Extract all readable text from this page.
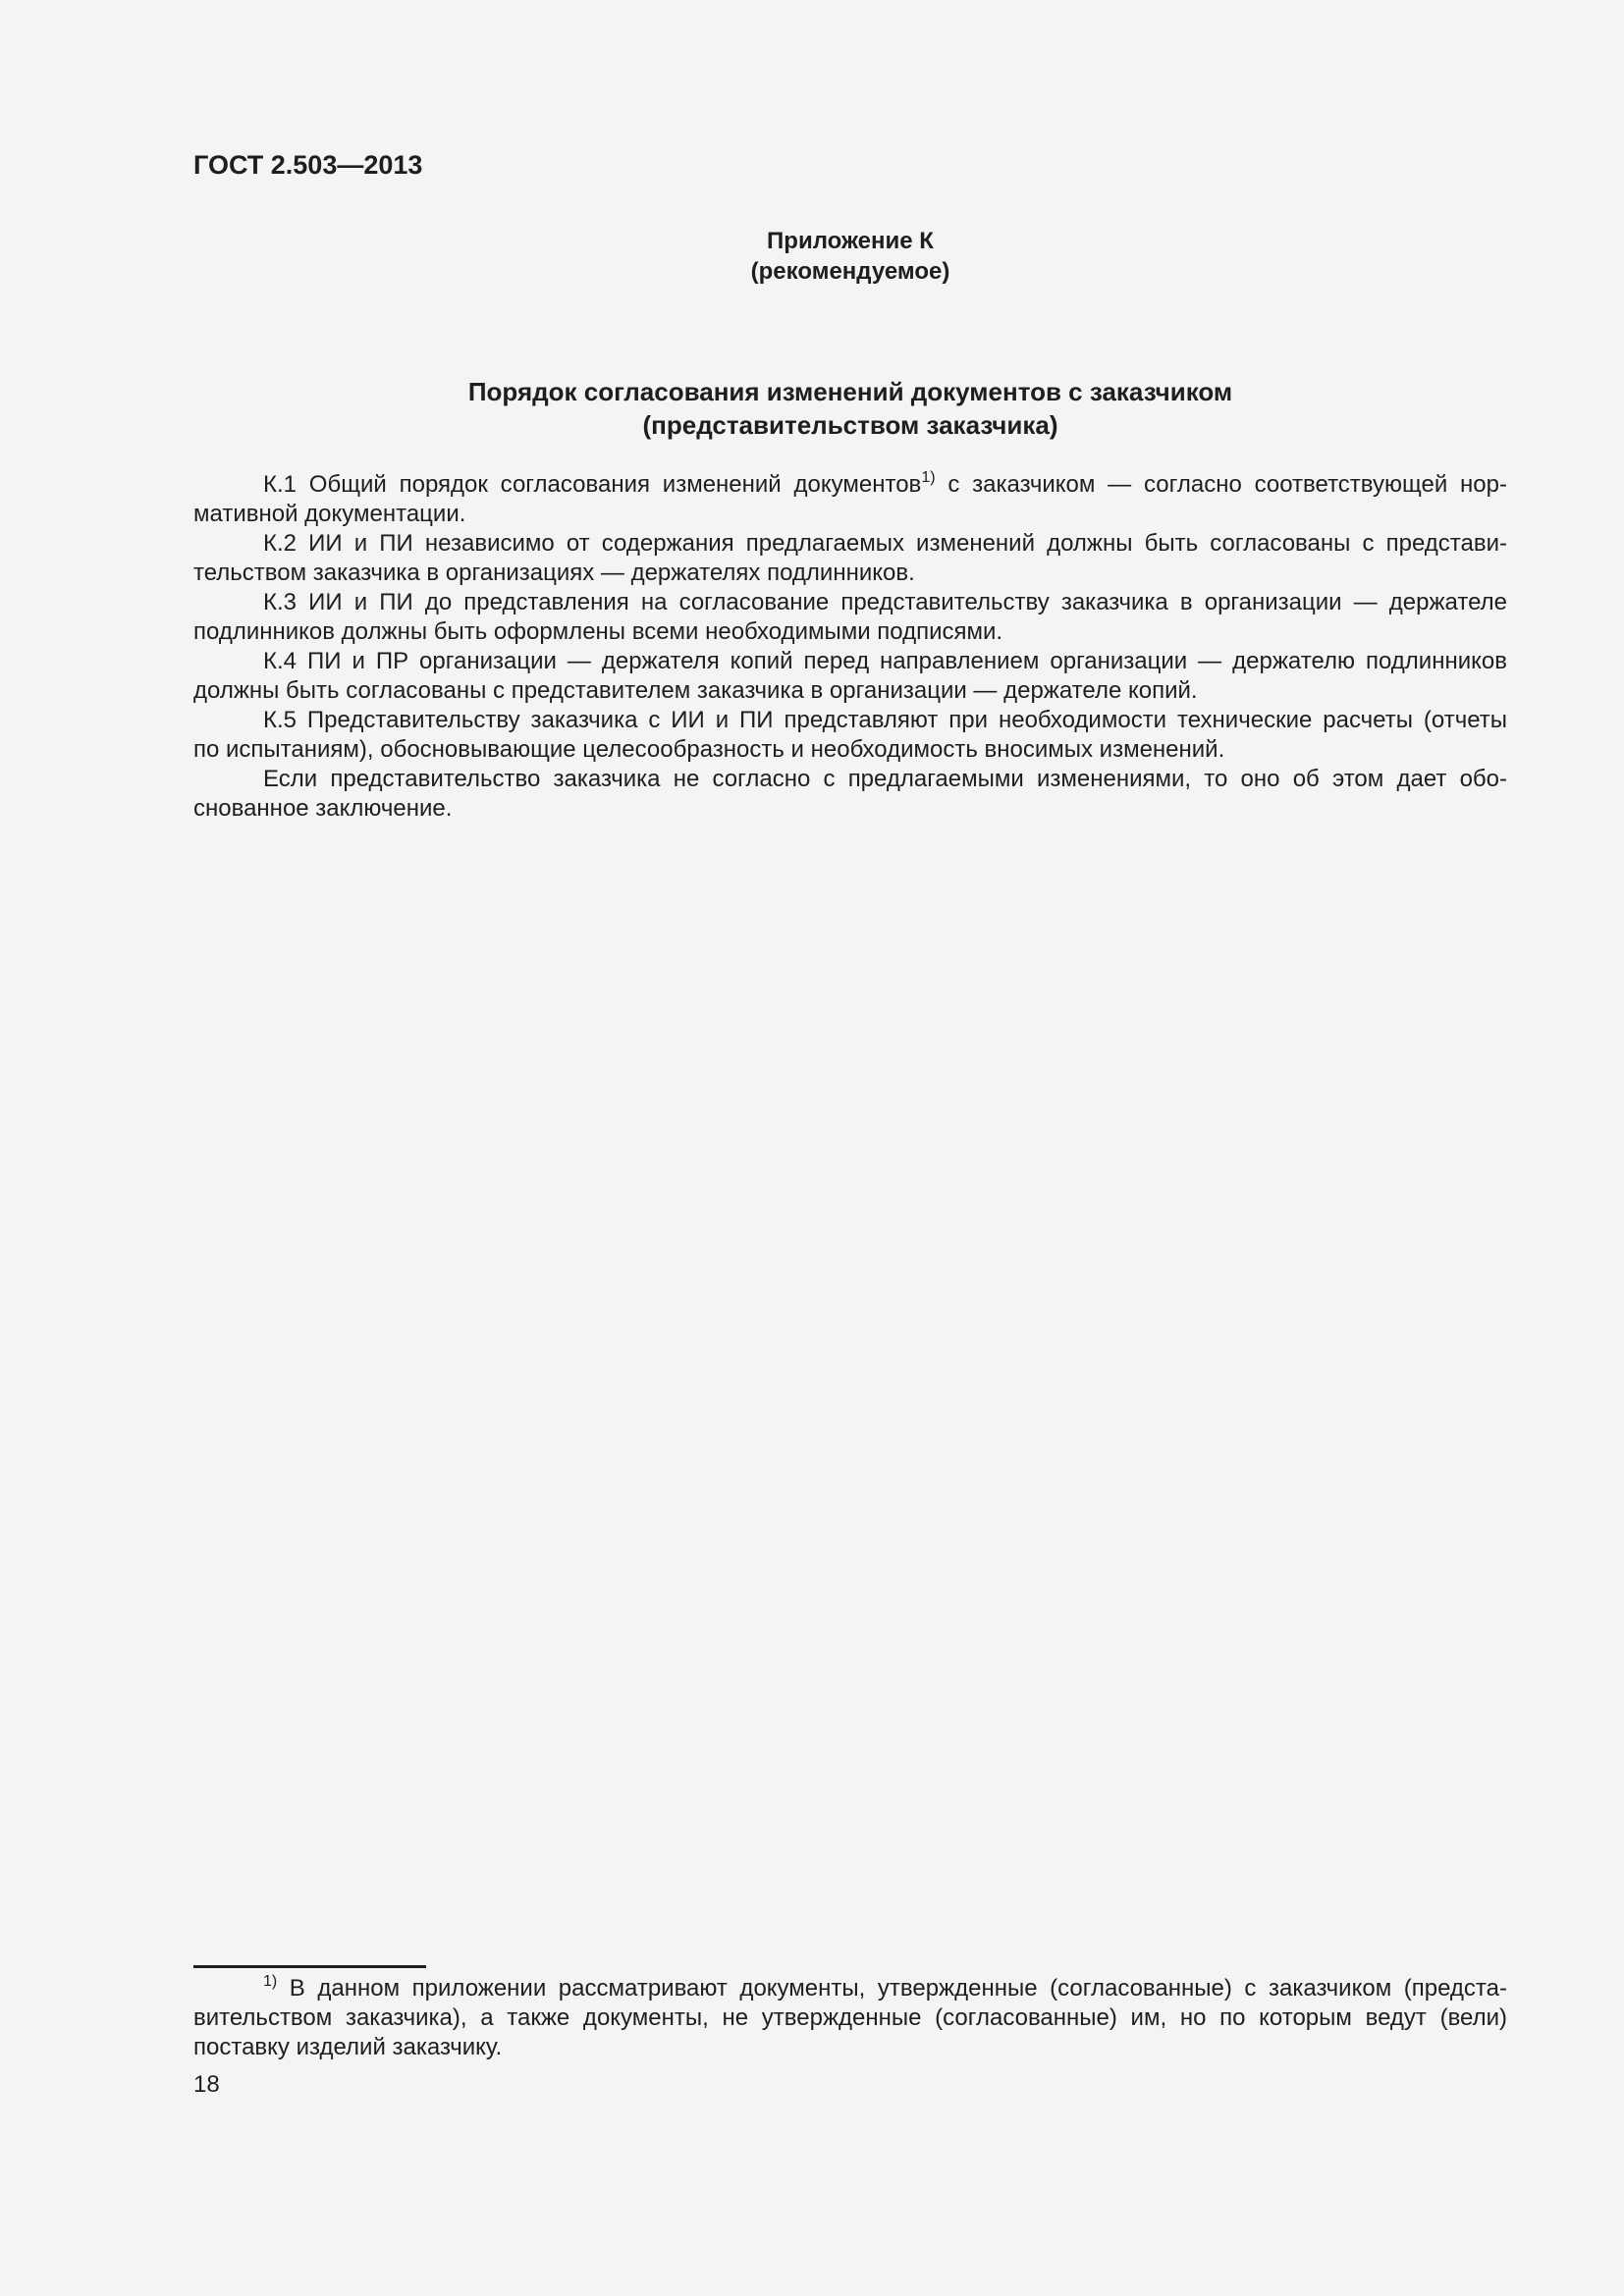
ГОСТ 2.503—2013
Приложение К
(рекомендуемое)
Порядок согласования изменений документов с заказчиком
(представительством заказчика)
К.1 Общий порядок согласования изменений документов$^{1)}$ с заказчиком — согласно соответствующей нор-
мативной документации.
К.2 ИИ и ПИ независимо от содержания предлагаемых изменений должны быть согласованы с представи-
тельством заказчика в организациях — держателях подлинников.
К.3 ИИ и ПИ до представления на согласование представительству заказчика в организации — держателе
подлинников должны быть оформлены всеми необходимыми подписями.
К.4 ПИ и ПР организации — держателя копий перед направлением организации — держателю подлинников
должны быть согласованы с представителем заказчика в организации — держателе копий.
К.5 Представительству заказчика с ИИ и ПИ представляют при необходимости технические расчеты (отчеты
по испытаниям), обосновывающие целесообразность и необходимость вносимых изменений.
Если представительство заказчика не согласно с предлагаемыми изменениями, то оно об этом дает обо-
снованное заключение.
$^{1)}$ В данном приложении рассматривают документы, утвержденные (согласованные) с заказчиком (предста-
вительством заказчика), а также документы, не утвержденные (согласованные) им, но по которым ведут (вели)
поставку изделий заказчику.
18
